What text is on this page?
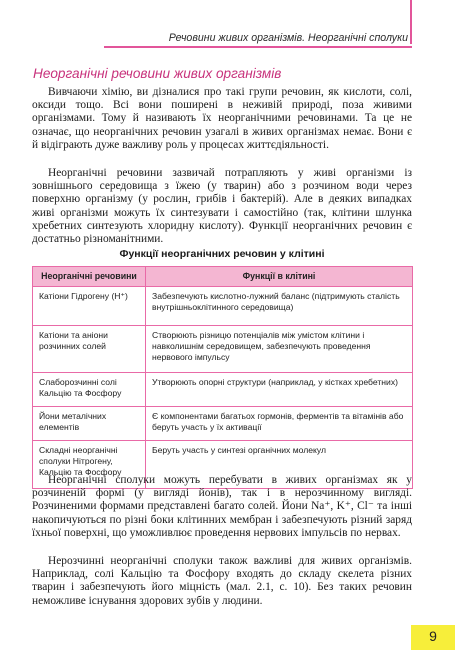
Речовини живих організмів. Неорганічні сполуки
Неорганічні речовини живих організмів

Вивчаючи хімію, ви дізналися про такі групи речовин, як кислоти, солі, оксиди тощо. Всі вони поширені в неживій природі, поза живими організмами. Тому й називають їх неорганічними речовинами. Та це не означає, що неорганічних речовин узагалі в живих організмах немає. Вони є й відіграють дуже важливу роль у процесах життєдіяльності.

Неорганічні речовини зазвичай потрапляють у живі організми із зовнішнього середовища з їжею (у тварин) або з розчином води через поверхню організму (у рослин, грибів і бактерій). Але в деяких випадках живі організми можуть їх синтезувати і самостійно (так, клітини шлунка хребетних синтезують хлоридну кислоту). Функції неорганічних речовин є достатньо різноманітними.

Функції неорганічних речовин у клітині
Неорганічні речовини	Функції в клітині
Катіони Гідрогену (H⁺)	Забезпечують кислотно-лужний баланс (підтримують сталість внутрішньоклітинного середовища)
Катіони та аніони розчинних солей	Створюють різницю потенціалів між умістом клітини і навколишнім середовищем, забезпечують проведення нервового імпульсу
Слаборозчинні солі Кальцію та Фосфору	Утворюють опорні структури (наприклад, у кістках хребетних)
Йони металічних елементів	Є компонентами багатьох гормонів, ферментів та вітамінів або беруть участь у їх активації
Складні неорганічні сполуки Нітрогену, Кальцію та Фосфору	Беруть участь у синтезі органічних молекул

Неорганічні сполуки можуть перебувати в живих організмах як у розчиненій формі (у вигляді йонів), так і в нерозчинному вигляді. Розчиненими формами представлені багато солей. Йони Na⁺, K⁺, Cl⁻ та інші накопичуються по різні боки клітинних мембран і забезпечують різний заряд їхньої поверхні, що уможливлює проведення нервових імпульсів по нервах.

Нерозчинні неорганічні сполуки також важливі для живих організмів. Наприклад, солі Кальцію та Фосфору входять до складу скелета різних тварин і забезпечують його міцність (мал. 2.1, с. 10). Без таких речовин неможливе існування здорових зубів у людини.

9
